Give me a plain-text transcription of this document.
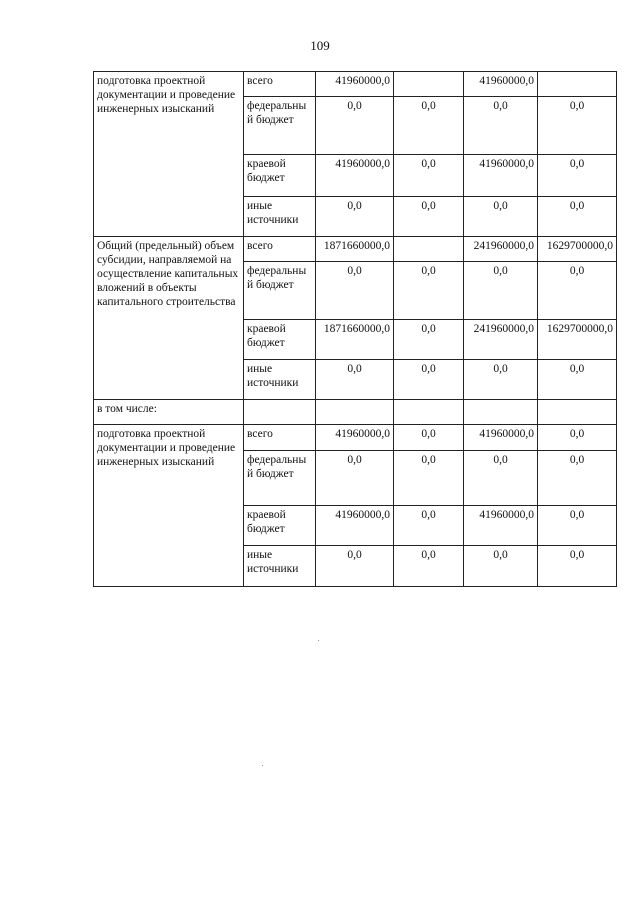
109
подготовка проектной документации и проведение инженерных изысканий	всего	41960000,0		41960000,0	
	федеральный бюджет	0,0	0,0	0,0	0,0
	краевой бюджет	41960000,0	0,0	41960000,0	0,0
	иные источники	0,0	0,0	0,0	0,0
Общий (предельный) объем субсидии, направляемой на осуществление капитальных вложений в объекты капитального строительства	всего	1871660000,0		241960000,0	1629700000,0
	федеральный бюджет	0,0	0,0	0,0	0,0
	краевой бюджет	1871660000,0	0,0	241960000,0	1629700000,0
	иные источники	0,0	0,0	0,0	0,0
в том числе:					
подготовка проектной документации и проведение инженерных изысканий	всего	41960000,0	0,0	41960000,0	0,0
	федеральный бюджет	0,0	0,0	0,0	0,0
	краевой бюджет	41960000,0	0,0	41960000,0	0,0
	иные источники	0,0	0,0	0,0	0,0
